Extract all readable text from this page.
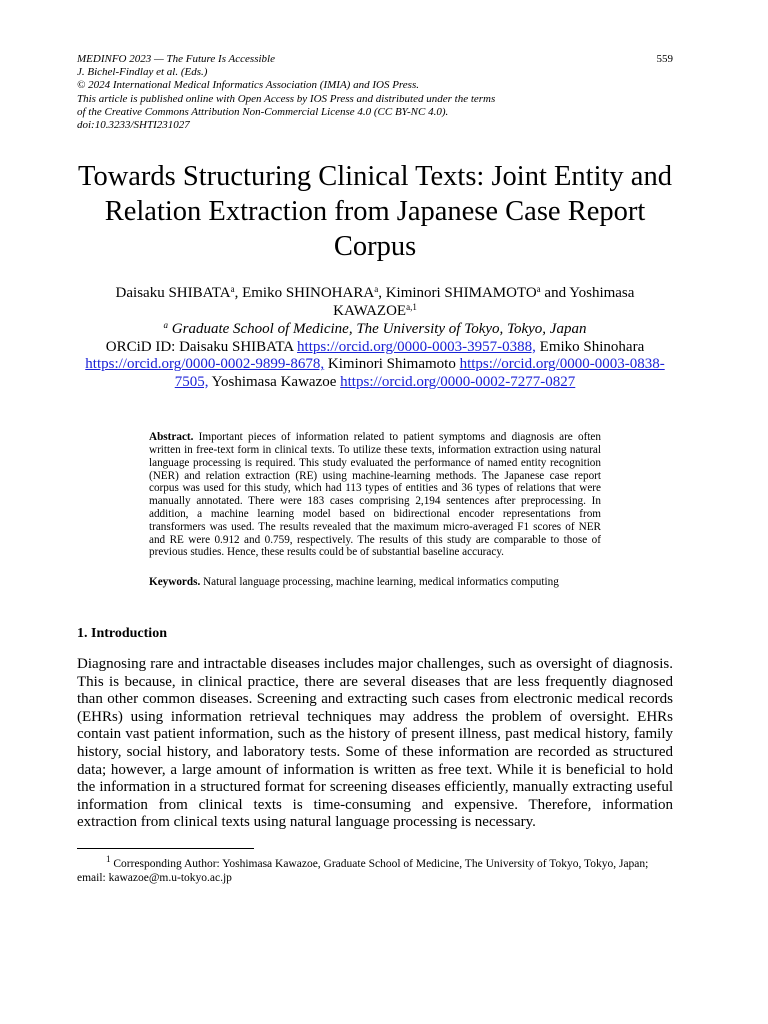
MEDINFO 2023 — The Future Is Accessible
J. Bichel-Findlay et al. (Eds.)
© 2024 International Medical Informatics Association (IMIA) and IOS Press.
This article is published online with Open Access by IOS Press and distributed under the terms
of the Creative Commons Attribution Non-Commercial License 4.0 (CC BY-NC 4.0).
doi:10.3233/SHTI231027
559
Towards Structuring Clinical Texts: Joint Entity and Relation Extraction from Japanese Case Report Corpus
Daisaku SHIBATA$^a$, Emiko SHINOHARA$^a$, Kiminori SHIMAMOTO$^a$ and Yoshimasa KAWAZOE$^{a,1}$
$^a$ Graduate School of Medicine, The University of Tokyo, Tokyo, Japan
ORCiD ID: Daisaku SHIBATA https://orcid.org/0000-0003-3957-0388, Emiko Shinohara https://orcid.org/0000-0002-9899-8678, Kiminori Shimamoto https://orcid.org/0000-0003-0838-7505, Yoshimasa Kawazoe https://orcid.org/0000-0002-7277-0827
Abstract. Important pieces of information related to patient symptoms and diagnosis are often written in free-text form in clinical texts. To utilize these texts, information extraction using natural language processing is required. This study evaluated the performance of named entity recognition (NER) and relation extraction (RE) using machine-learning methods. The Japanese case report corpus was used for this study, which had 113 types of entities and 36 types of relations that were manually annotated. There were 183 cases comprising 2,194 sentences after preprocessing. In addition, a machine learning model based on bidirectional encoder representations from transformers was used. The results revealed that the maximum micro-averaged F1 scores of NER and RE were 0.912 and 0.759, respectively. The results of this study are comparable to those of previous studies. Hence, these results could be of substantial baseline accuracy.
Keywords. Natural language processing, machine learning, medical informatics computing
1. Introduction
Diagnosing rare and intractable diseases includes major challenges, such as oversight of diagnosis. This is because, in clinical practice, there are several diseases that are less frequently diagnosed than other common diseases. Screening and extracting such cases from electronic medical records (EHRs) using information retrieval techniques may address the problem of oversight. EHRs contain vast patient information, such as the history of present illness, past medical history, family history, social history, and laboratory tests. Some of these information are recorded as structured data; however, a large amount of information is written as free text. While it is beneficial to hold the information in a structured format for screening diseases efficiently, manually extracting useful information from clinical texts is time-consuming and expensive. Therefore, information extraction from clinical texts using natural language processing is necessary.
$^1$ Corresponding Author: Yoshimasa Kawazoe, Graduate School of Medicine, The University of Tokyo, Tokyo, Japan; email: kawazoe@m.u-tokyo.ac.jp
